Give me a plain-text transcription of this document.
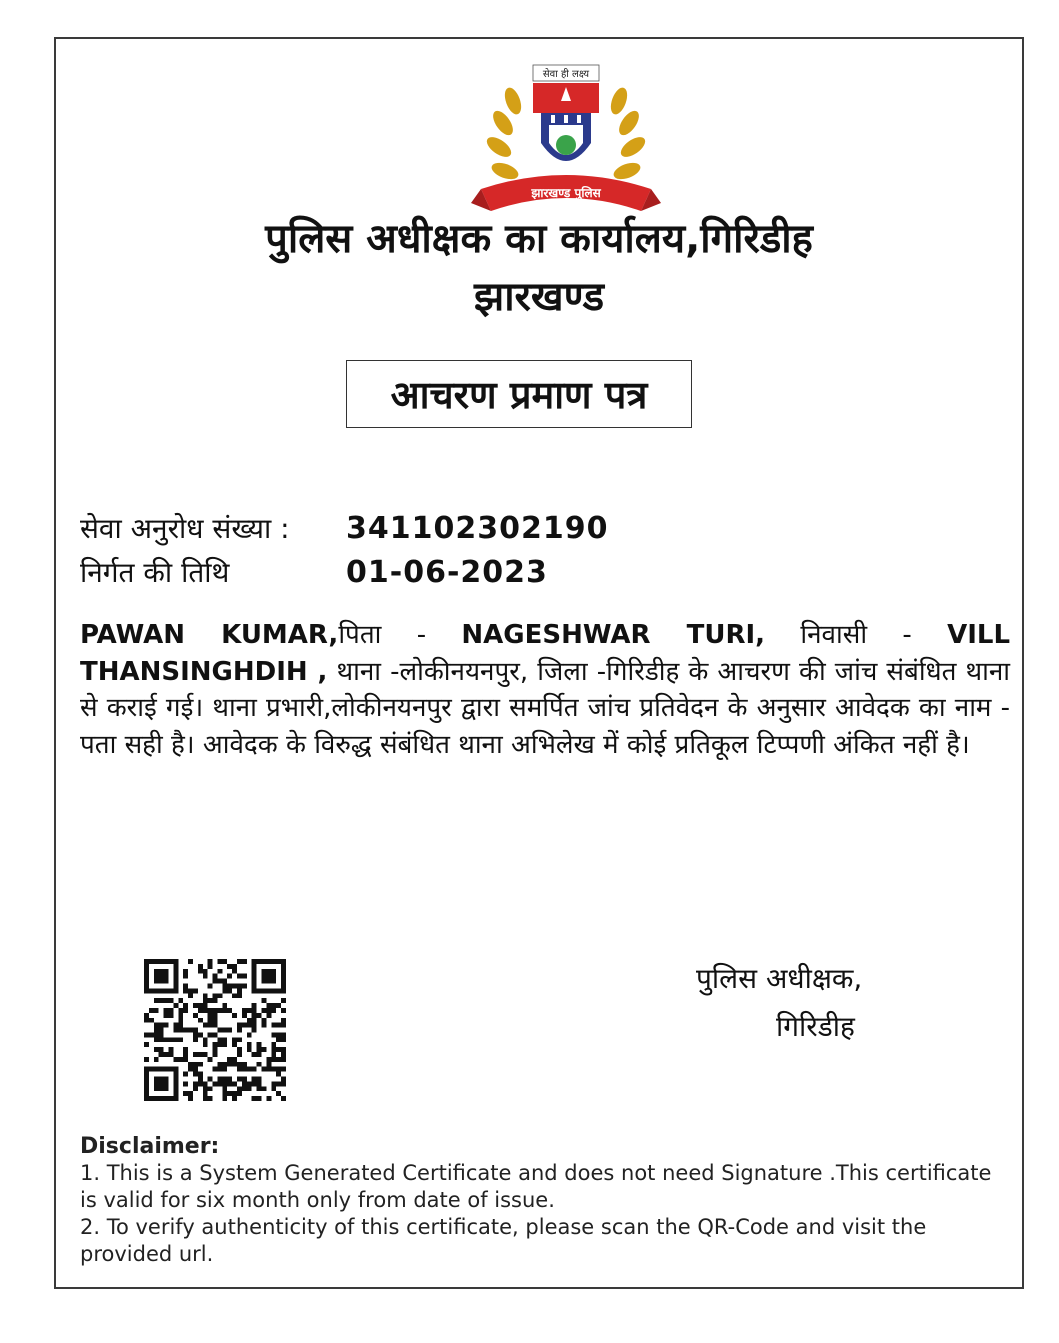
सेवा ही लक्ष्य
झारखण्ड पुलिस
पुलिस अधीक्षक का कार्यालय,गिरिडीह
झारखण्ड
आचरण प्रमाण पत्र
सेवा अनुरोध संख्या :	341102302190
निर्गत की तिथि	01-06-2023
PAWAN KUMAR,पिता - NAGESHWAR TURI, निवासी - VILL THANSINGHDIH , थाना -लोकीनयनपुर, जिला -गिरिडीह के आचरण की जांच संबंधित थाना से कराई गई। थाना प्रभारी,लोकीनयनपुर द्वारा समर्पित जांच प्रतिवेदन के अनुसार आवेदक का नाम - पता सही है। आवेदक के विरुद्ध संबंधित थाना अभिलेख में कोई प्रतिकूल टिप्पणी अंकित नहीं है।
पुलिस अधीक्षक,
गिरिडीह
Disclaimer:
1. This is a System Generated Certificate and does not need Signature .This certificate is valid for six month only from date of issue.
2. To verify authenticity of this certificate, please scan the QR-Code and visit the provided url.
